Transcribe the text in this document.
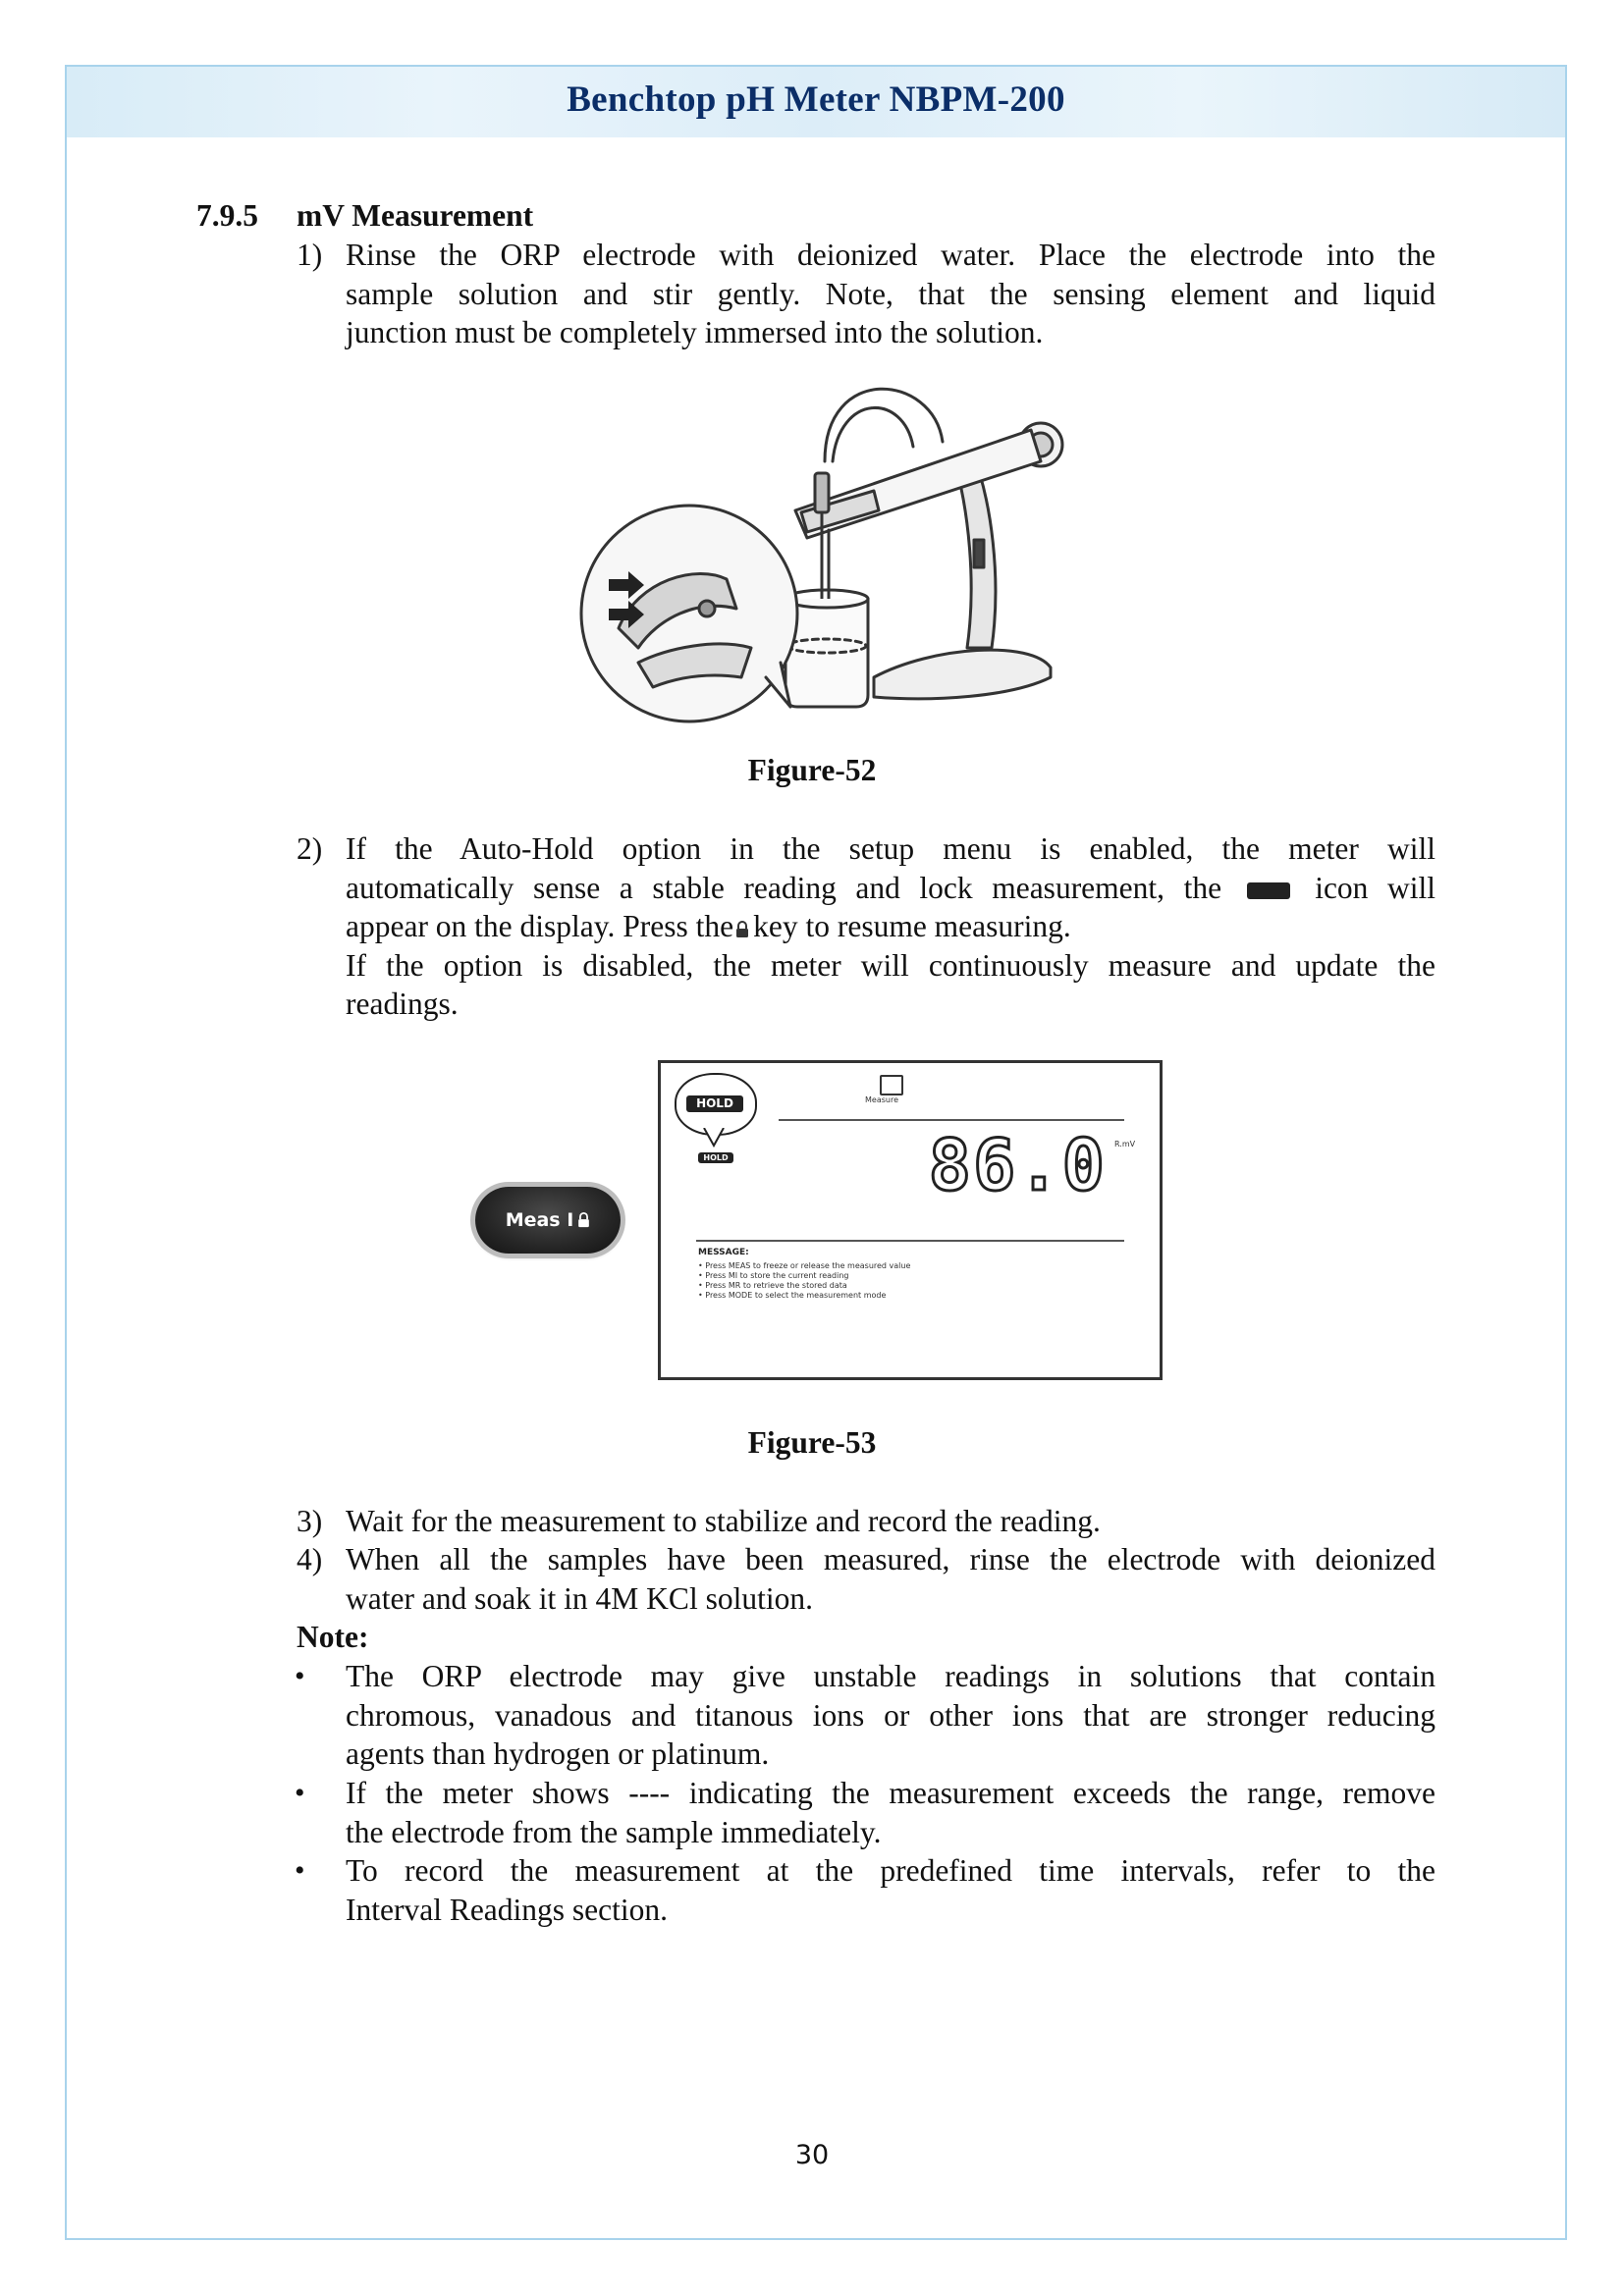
Benchtop pH Meter NBPM-200
7.9.5 mV Measurement
1) Rinse the ORP electrode with deionized water. Place the electrode into the
sample solution and stir gently. Note, that the sensing element and liquid
junction must be completely immersed into the solution.
Figure-52
2) If the Auto-Hold option in the setup menu is enabled, the meter will
automatically sense a stable reading and lock measurement, the	icon will
appear on the display. Press the key to resume measuring.
If the option is disabled, the meter will continuously measure and update the
readings.
Meas I
HOLD
HOLD
Measure
86.0 R.mV
MESSAGE:
• Press MEAS to freeze or release the measured value
• Press MI to store the current reading
• Press MR to retrieve the stored data
• Press MODE to select the measurement mode
Figure-53
3) Wait for the measurement to stabilize and record the reading.
4) When all the samples have been measured, rinse the electrode with deionized
water and soak it in 4M KCl solution.
Note:
• The ORP electrode may give unstable readings in solutions that contain
chromous, vanadous and titanous ions or other ions that are stronger reducing
agents than hydrogen or platinum.
• If the meter shows ---- indicating the measurement exceeds the range, remove
the electrode from the sample immediately.
• To record the measurement at the predefined time intervals, refer to the
Interval Readings section.
30
